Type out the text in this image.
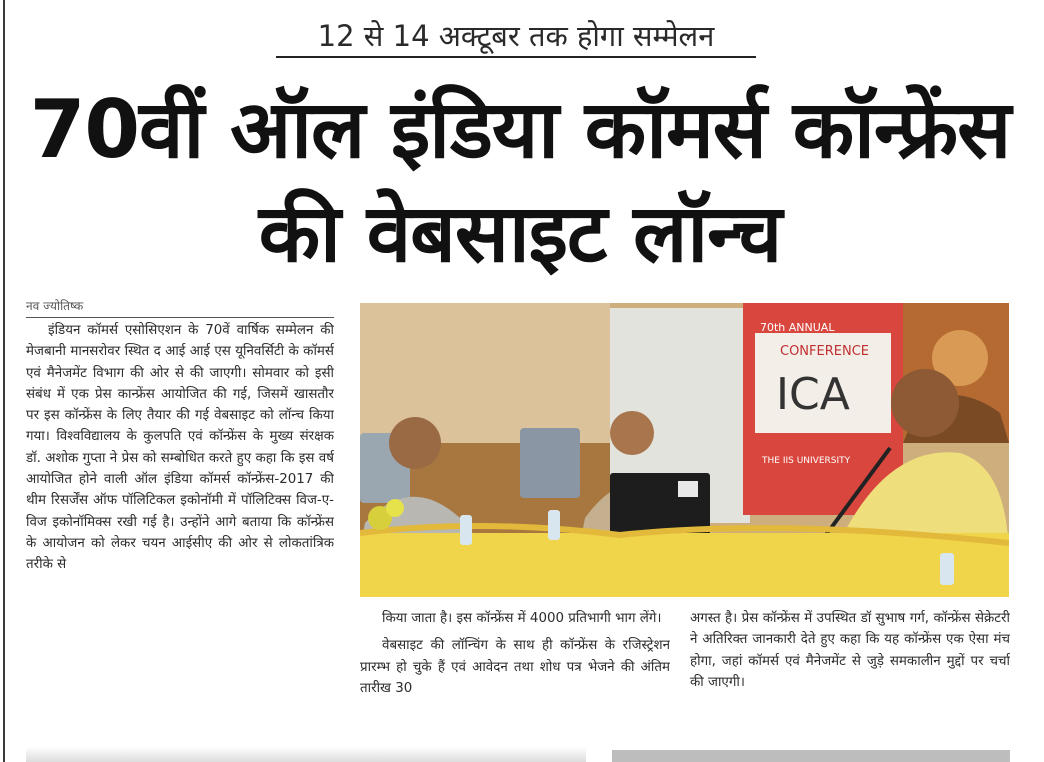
12 से 14 अक्टूबर तक होगा सम्मेलन
70वीं ऑल इंडिया कॉमर्स कॉन्फ्रेंस
की वेबसाइट लॉन्च
नव ज्योतिष्‍क

इंडियन कॉमर्स एसोसिएशन के 70वें वार्षिक सम्मेलन की मेजबानी मानसरोवर स्थित द आई आई एस यूनिवर्सिटी के कॉमर्स एवं मैनेजमेंट विभाग की ओर से की जाएगी। सोमवार को इसी संबंध में एक प्रेस कान्फ्रेंस आयोजित की गई, जिसमें खासतौर पर इस कॉन्फ्रेंस के लिए तैयार की गई वेबसाइट को लॉन्च किया गया। विश्वविद्यालय के कुलपति एवं कॉन्फ्रेंस के मुख्य संरक्षक डॉ. अशोक गुप्ता ने प्रेस को सम्बोधित करते हुए कहा कि इस वर्ष आयोजित होने वाली ऑल इंडिया कॉमर्स कॉन्फ्रेंस-2017 की थीम रिसर्जेंस ऑफ पॉलिटिकल इकोनॉमी में पॉलिटिक्स विज-ए-विज इकोनॉमिक्स रखी गई है। उन्होंने आगे बताया कि कॉन्फ्रेंस के आयोजन को लेकर चयन आईसीए की ओर से लोकतांत्रिक तरीके से

70th ANNUAL
CONFERENCE
ICA
THE IIS UNIVERSITY

किया जाता है। इस कॉन्फ्रेंस में 4000 प्रतिभागी भाग लेंगे।

वेबसाइट की लॉन्चिंग के साथ ही कॉन्फ्रेंस के रजिस्ट्रेशन प्रारम्भ हो चुके हैं एवं आवेदन तथा शोध पत्र भेजने की अंतिम तारीख 30

अगस्त है। प्रेस कॉन्फ्रेंस में उपस्थित डॉ सुभाष गर्ग, कॉन्फ्रेंस सेक्रेटरी ने अतिरिक्त जानकारी देते हुए कहा कि यह कॉन्फ्रेंस एक ऐसा मंच होगा, जहां कॉमर्स एवं मैनेजमेंट से जुड़े समकालीन मुद्दों पर चर्चा की जाएगी।
